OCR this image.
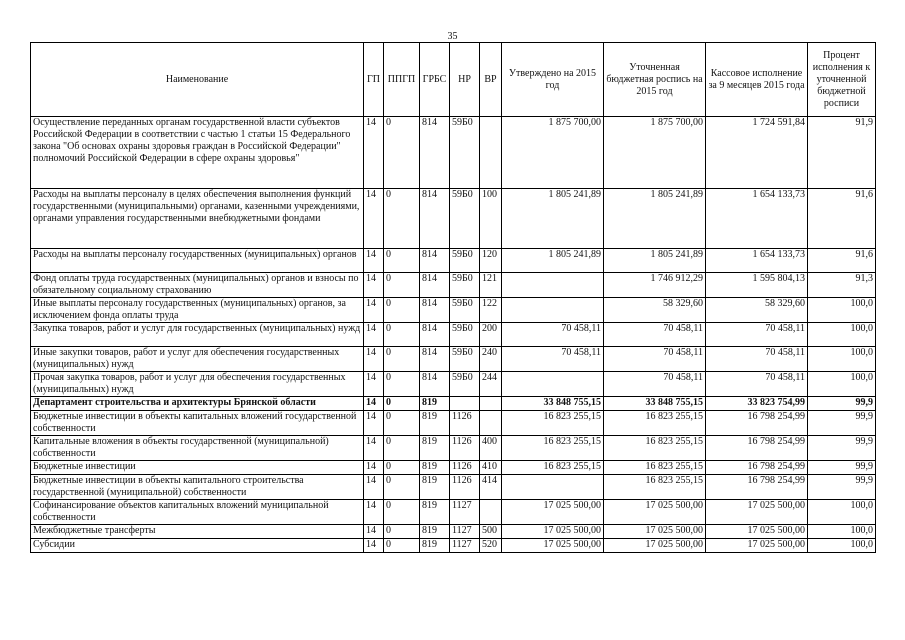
35
Наименование	ГП	ППГП	ГРБС	НР	ВР	Утверждено на 2015 год	Уточненная бюджетная роспись на 2015 год	Кассовое исполнение за 9 месяцев 2015 года	Процент исполнения к уточненной бюджетной росписи
Осуществление переданных органам государственной власти субъектов Российской Федерации в соответствии с частью 1 статьи 15 Федерального закона "Об основах охраны здоровья граждан в Российской Федерации" полномочий Российской Федерации в сфере охраны здоровья"	14	0	814	59Б0		1 875 700,00	1 875 700,00	1 724 591,84	91,9
Расходы на выплаты персоналу в целях обеспечения выполнения функций государственными (муниципальными) органами, казенными учреждениями, органами управления государственными внебюджетными фондами	14	0	814	59Б0	100	1 805 241,89	1 805 241,89	1 654 133,73	91,6
Расходы на выплаты персоналу государственных (муниципальных) органов	14	0	814	59Б0	120	1 805 241,89	1 805 241,89	1 654 133,73	91,6
Фонд оплаты труда государственных (муниципальных) органов и взносы по обязательному социальному страхованию	14	0	814	59Б0	121		1 746 912,29	1 595 804,13	91,3
Иные выплаты персоналу государственных (муниципальных) органов, за исключением фонда оплаты труда	14	0	814	59Б0	122		58 329,60	58 329,60	100,0
Закупка товаров, работ и услуг для государственных (муниципальных) нужд	14	0	814	59Б0	200	70 458,11	70 458,11	70 458,11	100,0
Иные закупки товаров, работ и услуг для обеспечения государственных (муниципальных) нужд	14	0	814	59Б0	240	70 458,11	70 458,11	70 458,11	100,0
Прочая закупка товаров, работ и услуг для обеспечения государственных (муниципальных) нужд	14	0	814	59Б0	244		70 458,11	70 458,11	100,0
Департамент строительства и архитектуры Брянской области	14	0	819			33 848 755,15	33 848 755,15	33 823 754,99	99,9
Бюджетные инвестиции в объекты капитальных вложений государственной собственности	14	0	819	1126		16 823 255,15	16 823 255,15	16 798 254,99	99,9
Капитальные вложения в объекты государственной (муниципальной) собственности	14	0	819	1126	400	16 823 255,15	16 823 255,15	16 798 254,99	99,9
Бюджетные инвестиции	14	0	819	1126	410	16 823 255,15	16 823 255,15	16 798 254,99	99,9
Бюджетные инвестиции в объекты капитального строительства государственной (муниципальной) собственности	14	0	819	1126	414		16 823 255,15	16 798 254,99	99,9
Софинансирование объектов капитальных вложений муниципальной собственности	14	0	819	1127		17 025 500,00	17 025 500,00	17 025 500,00	100,0
Межбюджетные трансферты	14	0	819	1127	500	17 025 500,00	17 025 500,00	17 025 500,00	100,0
Субсидии	14	0	819	1127	520	17 025 500,00	17 025 500,00	17 025 500,00	100,0
